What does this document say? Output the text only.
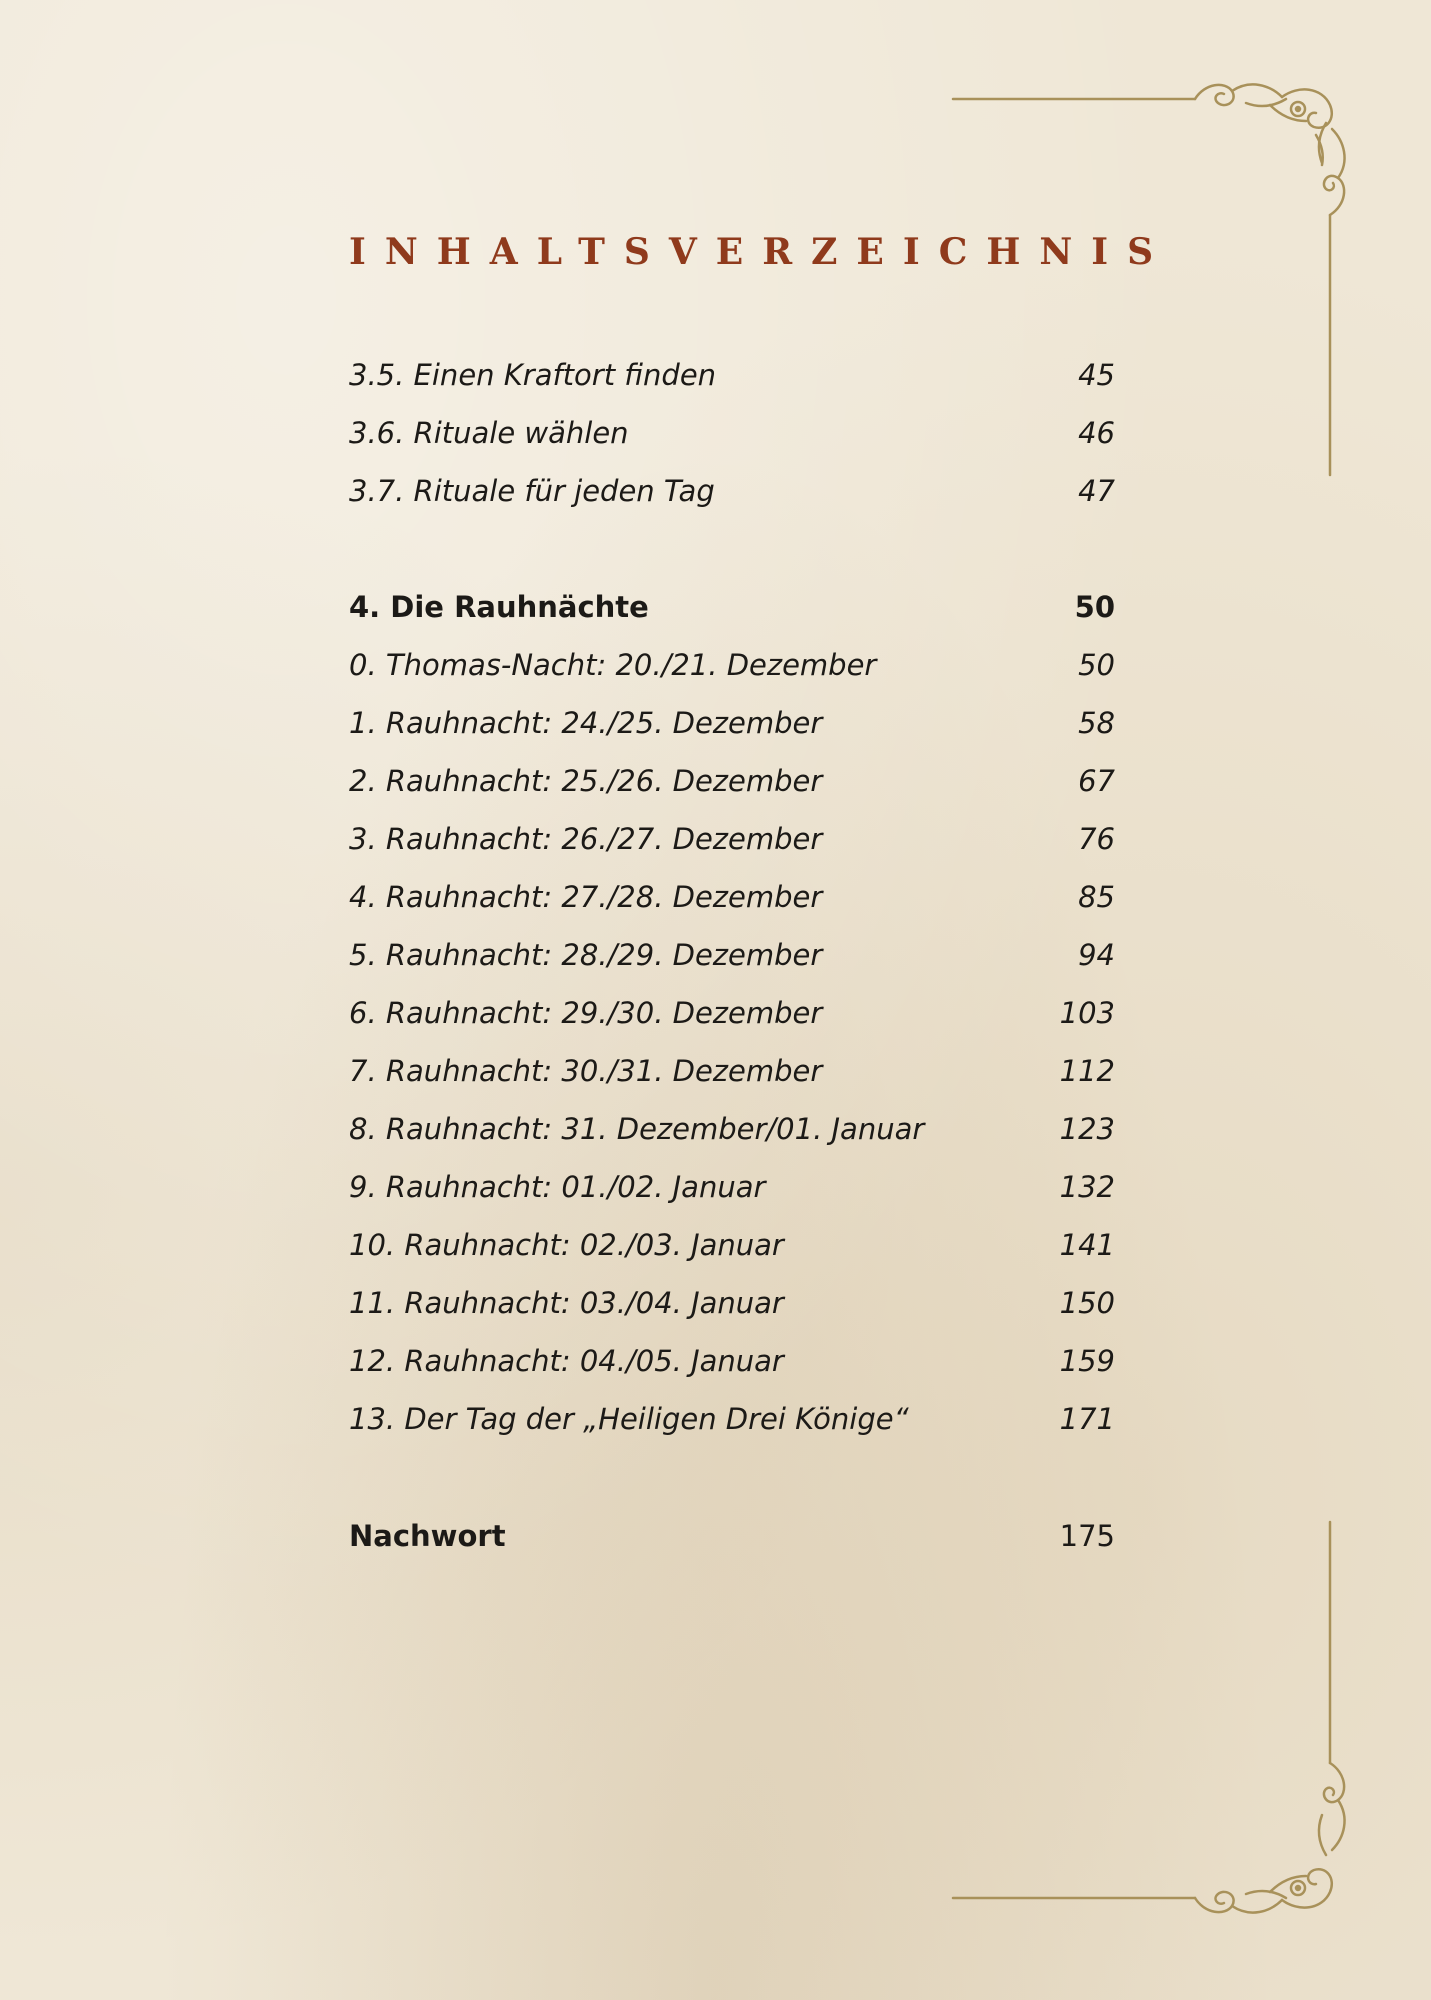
INHALTSVERZEICHNIS
3.5. Einen Kraftort finden	45
3.6. Rituale wählen	46
3.7. Rituale für jeden Tag	47
4. Die Rauhnächte	50
0. Thomas-Nacht: 20./21. Dezember	50
1. Rauhnacht: 24./25. Dezember	58
2. Rauhnacht: 25./26. Dezember	67
3. Rauhnacht: 26./27. Dezember	76
4. Rauhnacht: 27./28. Dezember	85
5. Rauhnacht: 28./29. Dezember	94
6. Rauhnacht: 29./30. Dezember	103
7. Rauhnacht: 30./31. Dezember	112
8. Rauhnacht: 31. Dezember/01. Januar	123
9. Rauhnacht: 01./02. Januar	132
10. Rauhnacht: 02./03. Januar	141
11. Rauhnacht: 03./04. Januar	150
12. Rauhnacht: 04./05. Januar	159
13. Der Tag der „Heiligen Drei Könige“	171
Nachwort	175
